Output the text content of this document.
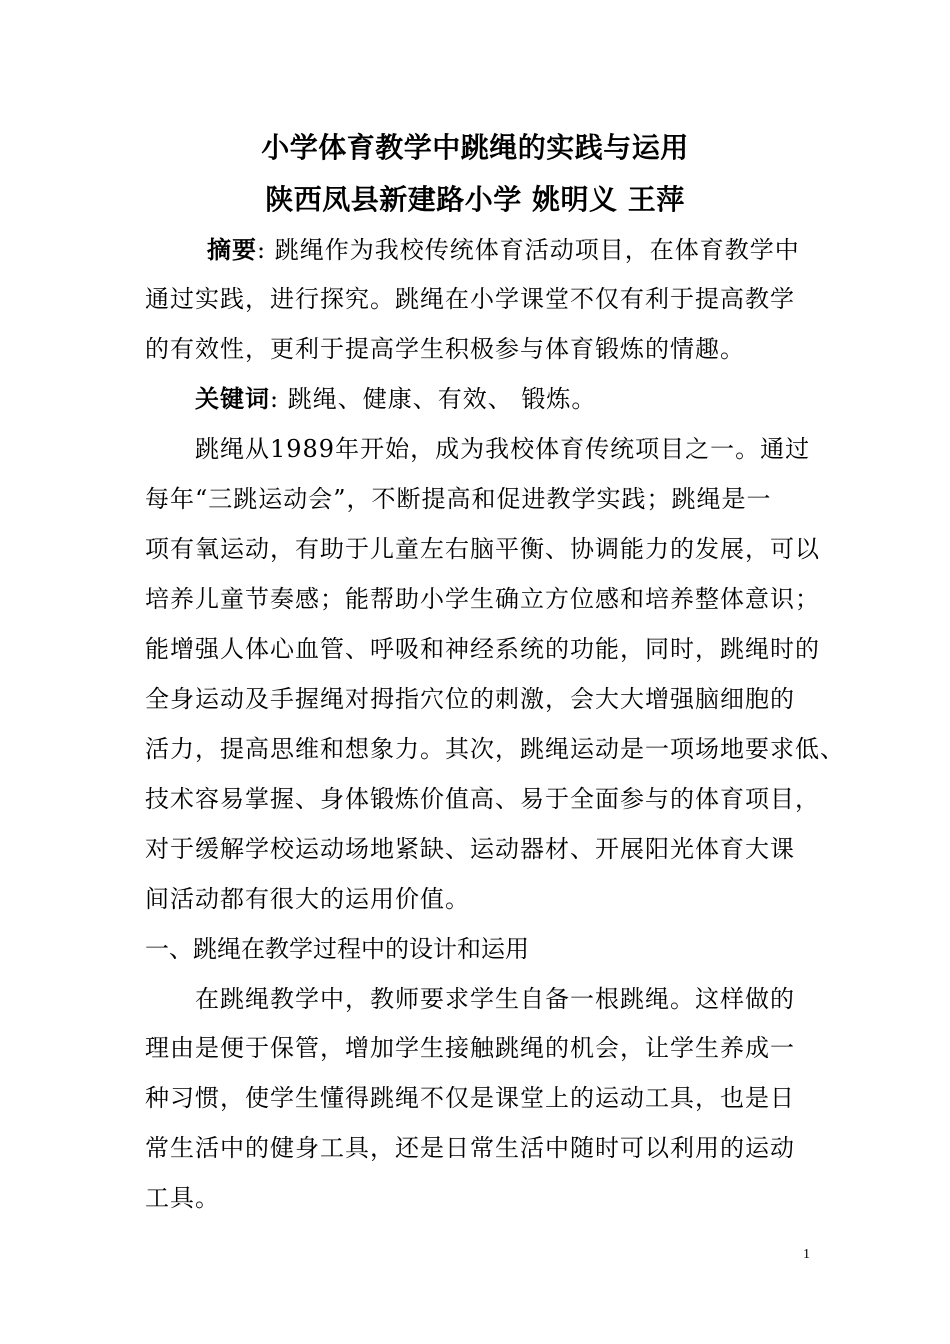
小学体育教学中跳绳的实践与运用
陕西凤县新建路小学 姚明义 王萍
摘要: 跳绳作为我校传统体育活动项目，在体育教学中
通过实践，进行探究。跳绳在小学课堂不仅有利于提高教学
的有效性，更利于提高学生积极参与体育锻炼的情趣。
关键词: 跳绳、健康、有效、 锻炼。
跳绳从1989年开始，成为我校体育传统项目之一。通过
每年“三跳运动会”，不断提高和促进教学实践；跳绳是一
项有氧运动，有助于儿童左右脑平衡、协调能力的发展，可以
培养儿童节奏感；能帮助小学生确立方位感和培养整体意识；
能增强人体心血管、呼吸和神经系统的功能，同时，跳绳时的
全身运动及手握绳对拇指穴位的刺激，会大大增强脑细胞的
活力，提高思维和想象力。其次，跳绳运动是一项场地要求低、
技术容易掌握、身体锻炼价值高、易于全面参与的体育项目，
对于缓解学校运动场地紧缺、运动器材、开展阳光体育大课
间活动都有很大的运用价值。
一、跳绳在教学过程中的设计和运用
在跳绳教学中，教师要求学生自备一根跳绳。这样做的
理由是便于保管，增加学生接触跳绳的机会，让学生养成一
种习惯，使学生懂得跳绳不仅是课堂上的运动工具，也是日
常生活中的健身工具，还是日常生活中随时可以利用的运动
工具。
1
